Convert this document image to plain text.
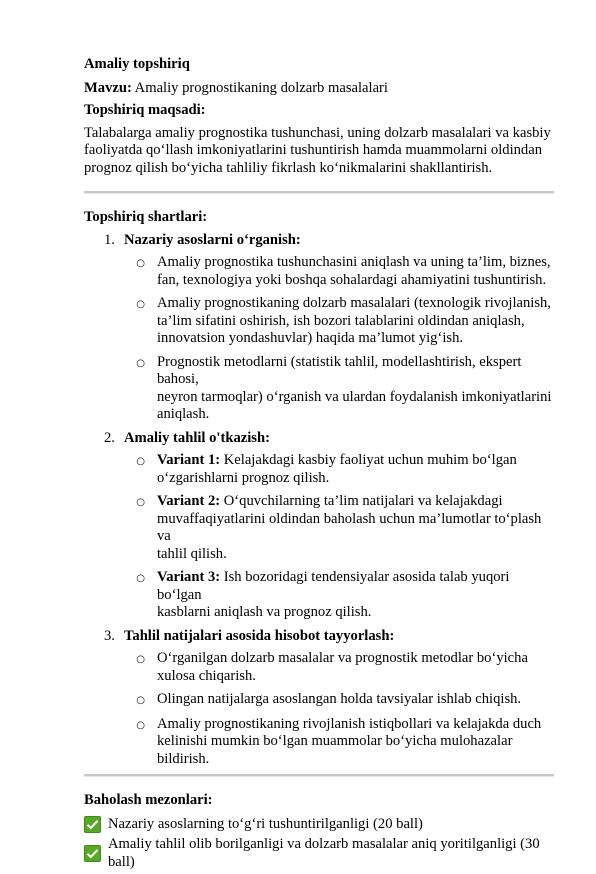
Amaliy topshiriq

Mavzu: Amaliy prognostikaning dolzarb masalalari

Topshiriq maqsadi:

Talabalarga amaliy prognostika tushunchasi, uning dolzarb masalalari va kasbiy

faoliyatda qo‘llash imkoniyatlarini tushuntirish hamda muammolarni oldindan

prognoz qilish bo‘yicha tahliliy fikrlash ko‘nikmalarini shakllantirish.

Topshiriq shartlari:

1. Nazariy asoslarni o‘rganish:
○ Amaliy prognostika tushunchasini aniqlash va uning ta’lim, biznes,
fan, texnologiya yoki boshqa sohalardagi ahamiyatini tushuntirish.
○ Amaliy prognostikaning dolzarb masalalari (texnologik rivojlanish,
ta’lim sifatini oshirish, ish bozori talablarini oldindan aniqlash,
innovatsion yondashuvlar) haqida ma’lumot yig‘ish.
○ Prognostik metodlarni (statistik tahlil, modellashtirish, ekspert bahosi,
neyron tarmoqlar) o‘rganish va ulardan foydalanish imkoniyatlarini
aniqlash.
2. Amaliy tahlil o'tkazish:
○ Variant 1: Kelajakdagi kasbiy faoliyat uchun muhim bo‘lgan
o‘zgarishlarni prognoz qilish.
○ Variant 2: O‘quvchilarning ta’lim natijalari va kelajakdagi
muvaffaqiyatlarini oldindan baholash uchun ma’lumotlar to‘plash va
tahlil qilish.
○ Variant 3: Ish bozoridagi tendensiyalar asosida talab yuqori bo‘lgan
kasblarni aniqlash va prognoz qilish.
3. Tahlil natijalari asosida hisobot tayyorlash:
○ O‘rganilgan dolzarb masalalar va prognostik metodlar bo‘yicha
xulosa chiqarish.
○ Olingan natijalarga asoslangan holda tavsiyalar ishlab chiqish.
○ Amaliy prognostikaning rivojlanish istiqbollari va kelajakda duch
kelinishi mumkin bo‘lgan muammolar bo‘yicha mulohazalar bildirish.

Baholash mezonlari:

Nazariy asoslarning to‘g‘ri tushuntirilganligi (20 ball)
Amaliy tahlil olib borilganligi va dolzarb masalalar aniq yoritilganligi (30 ball)
